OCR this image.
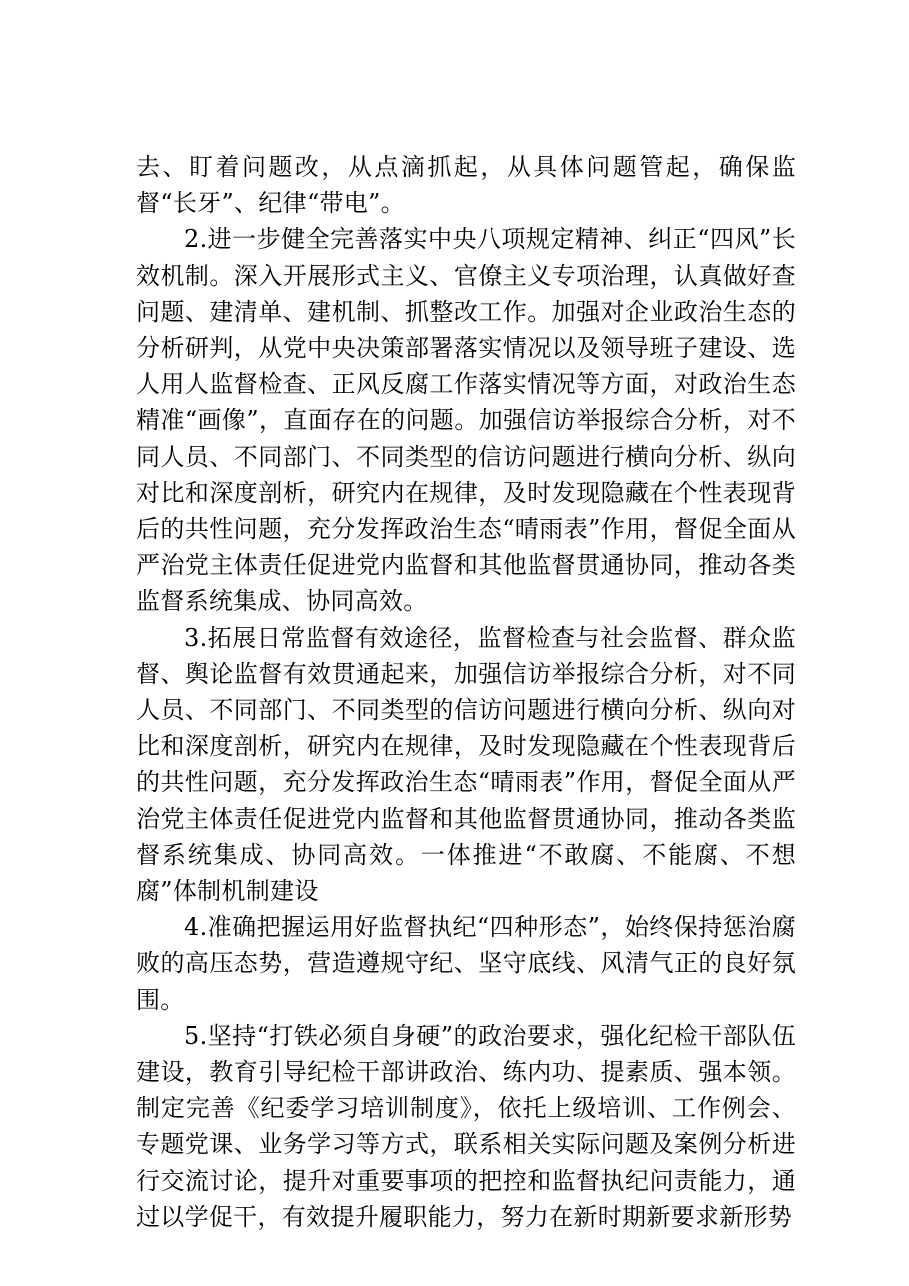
去、盯着问题改，从点滴抓起，从具体问题管起，确保监督“长牙”、纪律“带电”。

2.进一步健全完善落实中央八项规定精神、纠正“四风”长效机制。深入开展形式主义、官僚主义专项治理，认真做好查问题、建清单、建机制、抓整改工作。加强对企业政治生态的分析研判，从党中央决策部署落实情况以及领导班子建设、选人用人监督检查、正风反腐工作落实情况等方面，对政治生态精准“画像”，直面存在的问题。加强信访举报综合分析，对不同人员、不同部门、不同类型的信访问题进行横向分析、纵向对比和深度剖析，研究内在规律，及时发现隐藏在个性表现背后的共性问题，充分发挥政治生态“晴雨表”作用，督促全面从严治党主体责任促进党内监督和其他监督贯通协同，推动各类监督系统集成、协同高效。

3.拓展日常监督有效途径，监督检查与社会监督、群众监督、舆论监督有效贯通起来，加强信访举报综合分析，对不同人员、不同部门、不同类型的信访问题进行横向分析、纵向对比和深度剖析，研究内在规律，及时发现隐藏在个性表现背后的共性问题，充分发挥政治生态“晴雨表”作用，督促全面从严治党主体责任促进党内监督和其他监督贯通协同，推动各类监督系统集成、协同高效。一体推进“不敢腐、不能腐、不想腐”体制机制建设

4.准确把握运用好监督执纪“四种形态”，始终保持惩治腐败的高压态势，营造遵规守纪、坚守底线、风清气正的良好氛围。

5.坚持“打铁必须自身硬”的政治要求，强化纪检干部队伍建设，教育引导纪检干部讲政治、练内功、提素质、强本领。制定完善《纪委学习培训制度》，依托上级培训、工作例会、专题党课、业务学习等方式，联系相关实际问题及案例分析进行交流讨论，提升对重要事项的把控和监督执纪问责能力，通过以学促干，有效提升履职能力，努力在新时期新要求新形势
